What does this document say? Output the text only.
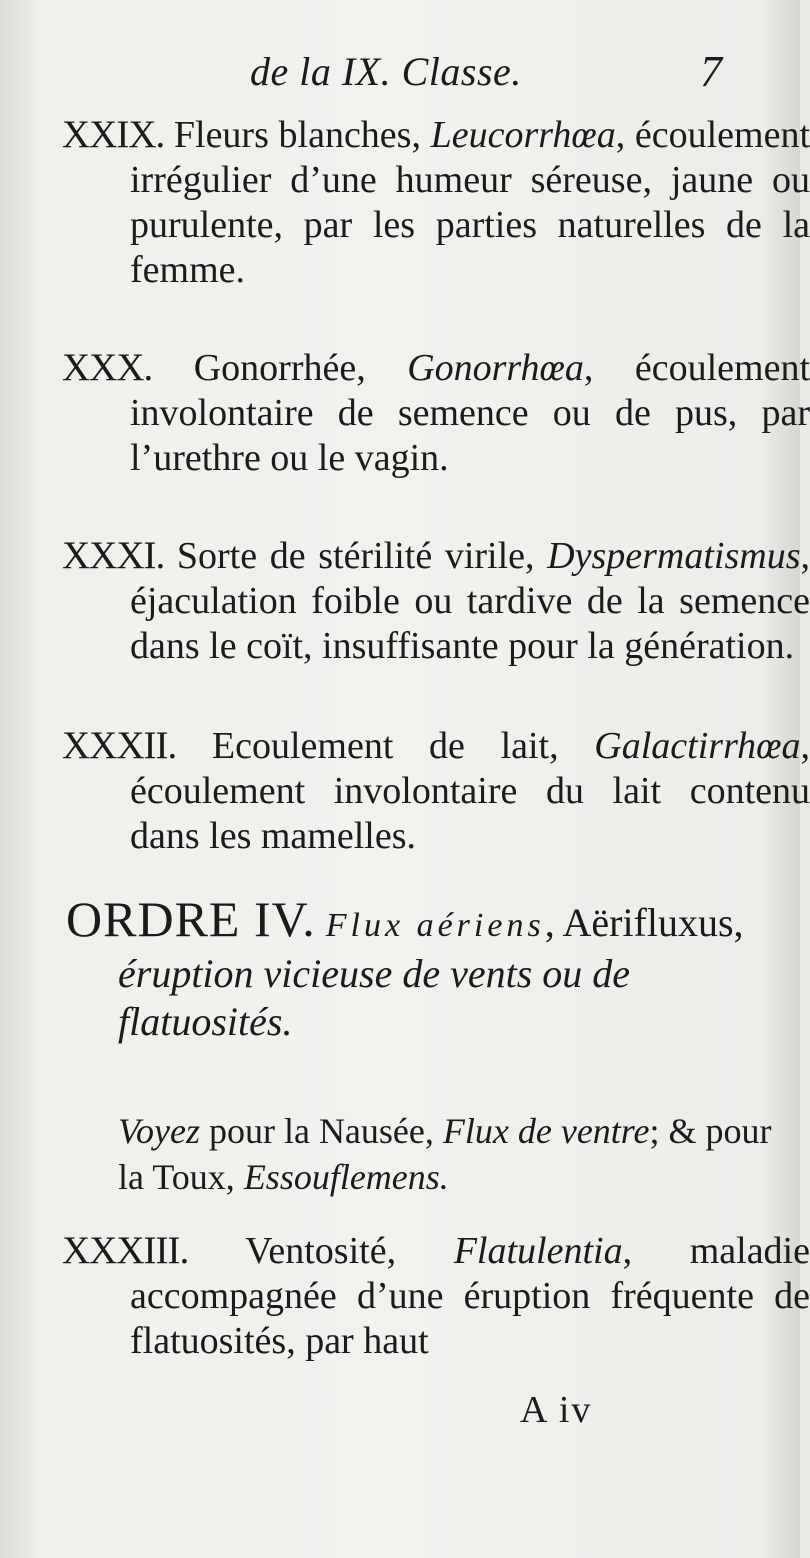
de la IX. Classe.	7
XXIX. Fleurs blanches, Leucorrhœa, écoulement irrégulier d’une humeur séreuse, jaune ou purulente, par les parties naturelles de la femme.
XXX. Gonorrhée, Gonorrhœa, écoulement involontaire de semence ou de pus, par l’urethre ou le vagin.
XXXI. Sorte de stérilité virile, Dyspermatismus, éjaculation foible ou tardive de la semence dans le coït, insuffisante pour la génération.
XXXII. Ecoulement de lait, Galactirrhœa, écoulement involontaire du lait contenu dans les mamelles.
ORDRE IV. Flux aériens, Aërifluxus, éruption vicieuse de vents ou de flatuosités.
Voyez pour la Nausée, Flux de ventre; & pour la Toux, Essouflemens.
XXXIII. Ventosité, Flatulentia, maladie accompagnée d’une éruption fréquente de flatuosités, par haut
A iv
